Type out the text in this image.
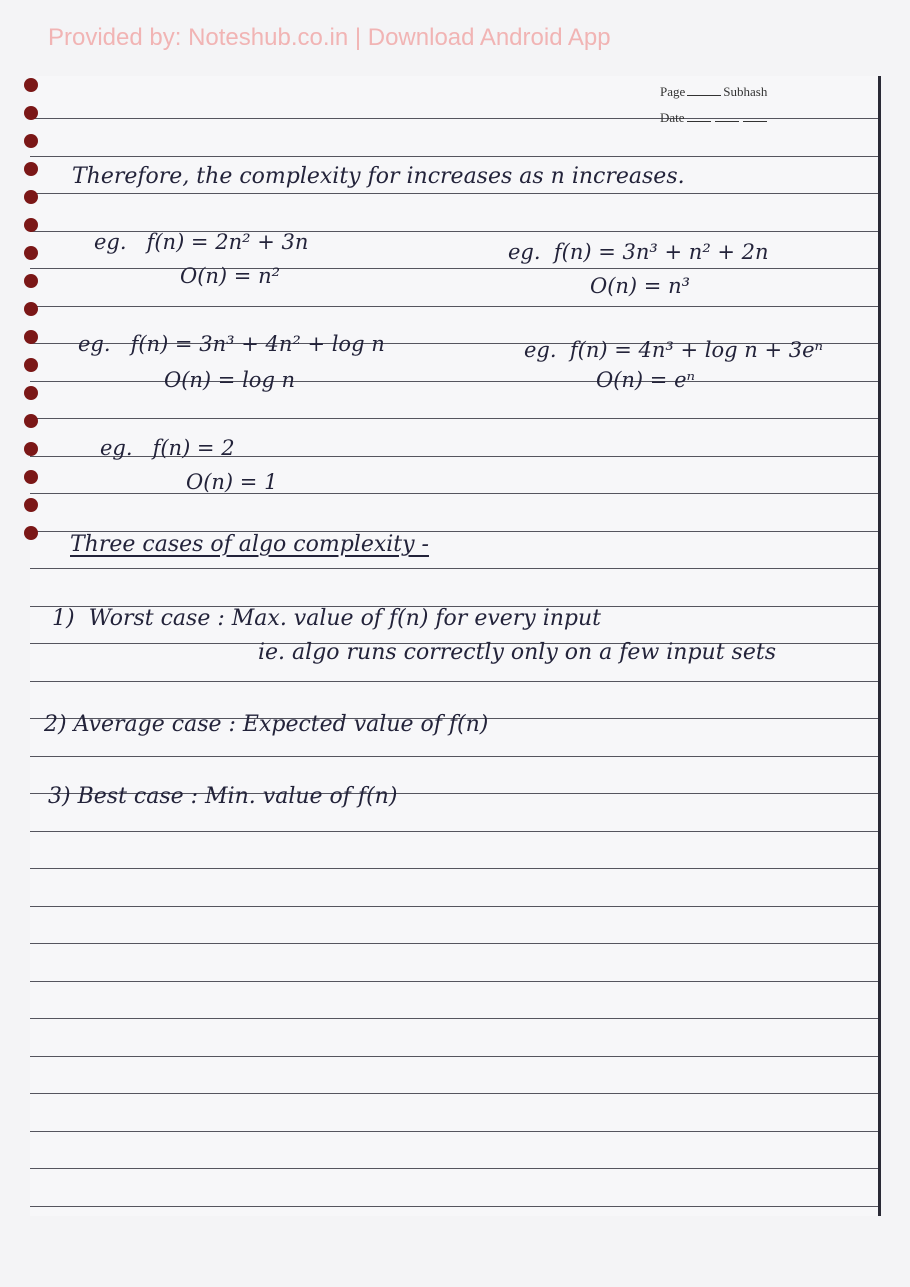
Provided by: Noteshub.co.in | Download Android App
Page	Subhash
Date
Therefore, the complexity for increases as n increases.
eg. f(n) = 2n² + 3n
O(n) = n²
eg. f(n) = 3n³ + n² + 2n
O(n) = n³
eg. f(n) = 3n³ + 4n² + log n
O(n) = log n
eg. f(n) = 4n³ + log n + 3eⁿ
O(n) = eⁿ
eg. f(n) = 2
O(n) = 1
Three cases of algo complexity -
1) Worst case : Max. value of f(n) for every input
ie. algo runs correctly only on a few input sets
2) Average case : Expected value of f(n)
3) Best case : Min. value of f(n)
